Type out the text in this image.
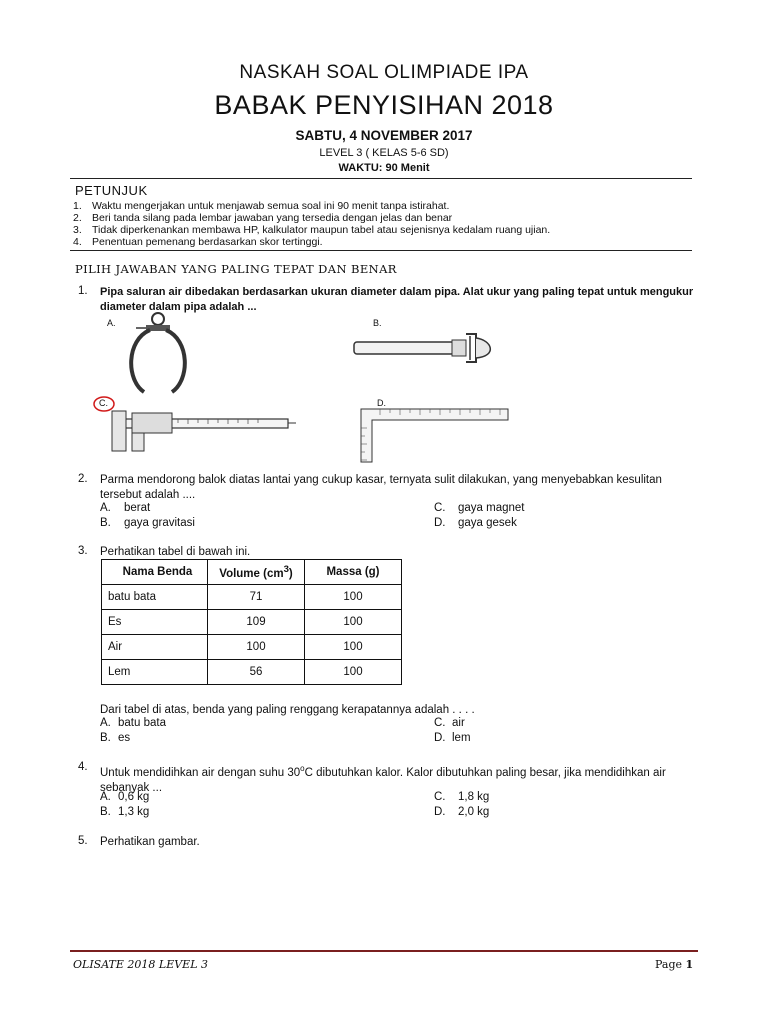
NASKAH SOAL OLIMPIADE IPA
BABAK PENYISIHAN 2018
SABTU, 4 NOVEMBER 2017
LEVEL 3 ( KELAS 5-6 SD)
WAKTU: 90 Menit
PETUNJUK
1. Waktu mengerjakan untuk menjawab semua soal ini 90 menit tanpa istirahat.
2. Beri tanda silang pada lembar jawaban yang tersedia dengan jelas dan benar
3. Tidak diperkenankan membawa HP, kalkulator maupun tabel atau sejenisnya kedalam ruang ujian.
4. Penentuan pemenang berdasarkan skor tertinggi.
PILIH JAWABAN YANG PALING TEPAT DAN BENAR
1. Pipa saluran air dibedakan berdasarkan ukuran diameter dalam pipa. Alat ukur yang paling tepat untuk mengukur diameter dalam pipa adalah ...
A.	B.
C.	D.
2. Parma mendorong balok diatas lantai yang cukup kasar, ternyata sulit dilakukan, yang menyebabkan kesulitan tersebut adalah ....
A. berat
B. gaya gravitasi
C. gaya magnet
D. gaya gesek
3. Perhatikan tabel di bawah ini.
Nama Benda	Volume $(cm^3)$	Massa (g)
batu bata	71	100
Es	109	100
Air	100	100
Lem	56	100
Dari tabel di atas, benda yang paling renggang kerapatannya adalah . . . .
A. batu bata
B. es
C. air
D. lem
4. Untuk mendidihkan air dengan suhu 30$^o$C dibutuhkan kalor. Kalor dibutuhkan paling besar, jika mendidihkan air sebanyak ...
A. 0,6 kg
B. 1,3 kg
C. 1,8 kg
D. 2,0 kg
5. Perhatikan gambar.
OLISATE 2018 LEVEL 3	Page 1
